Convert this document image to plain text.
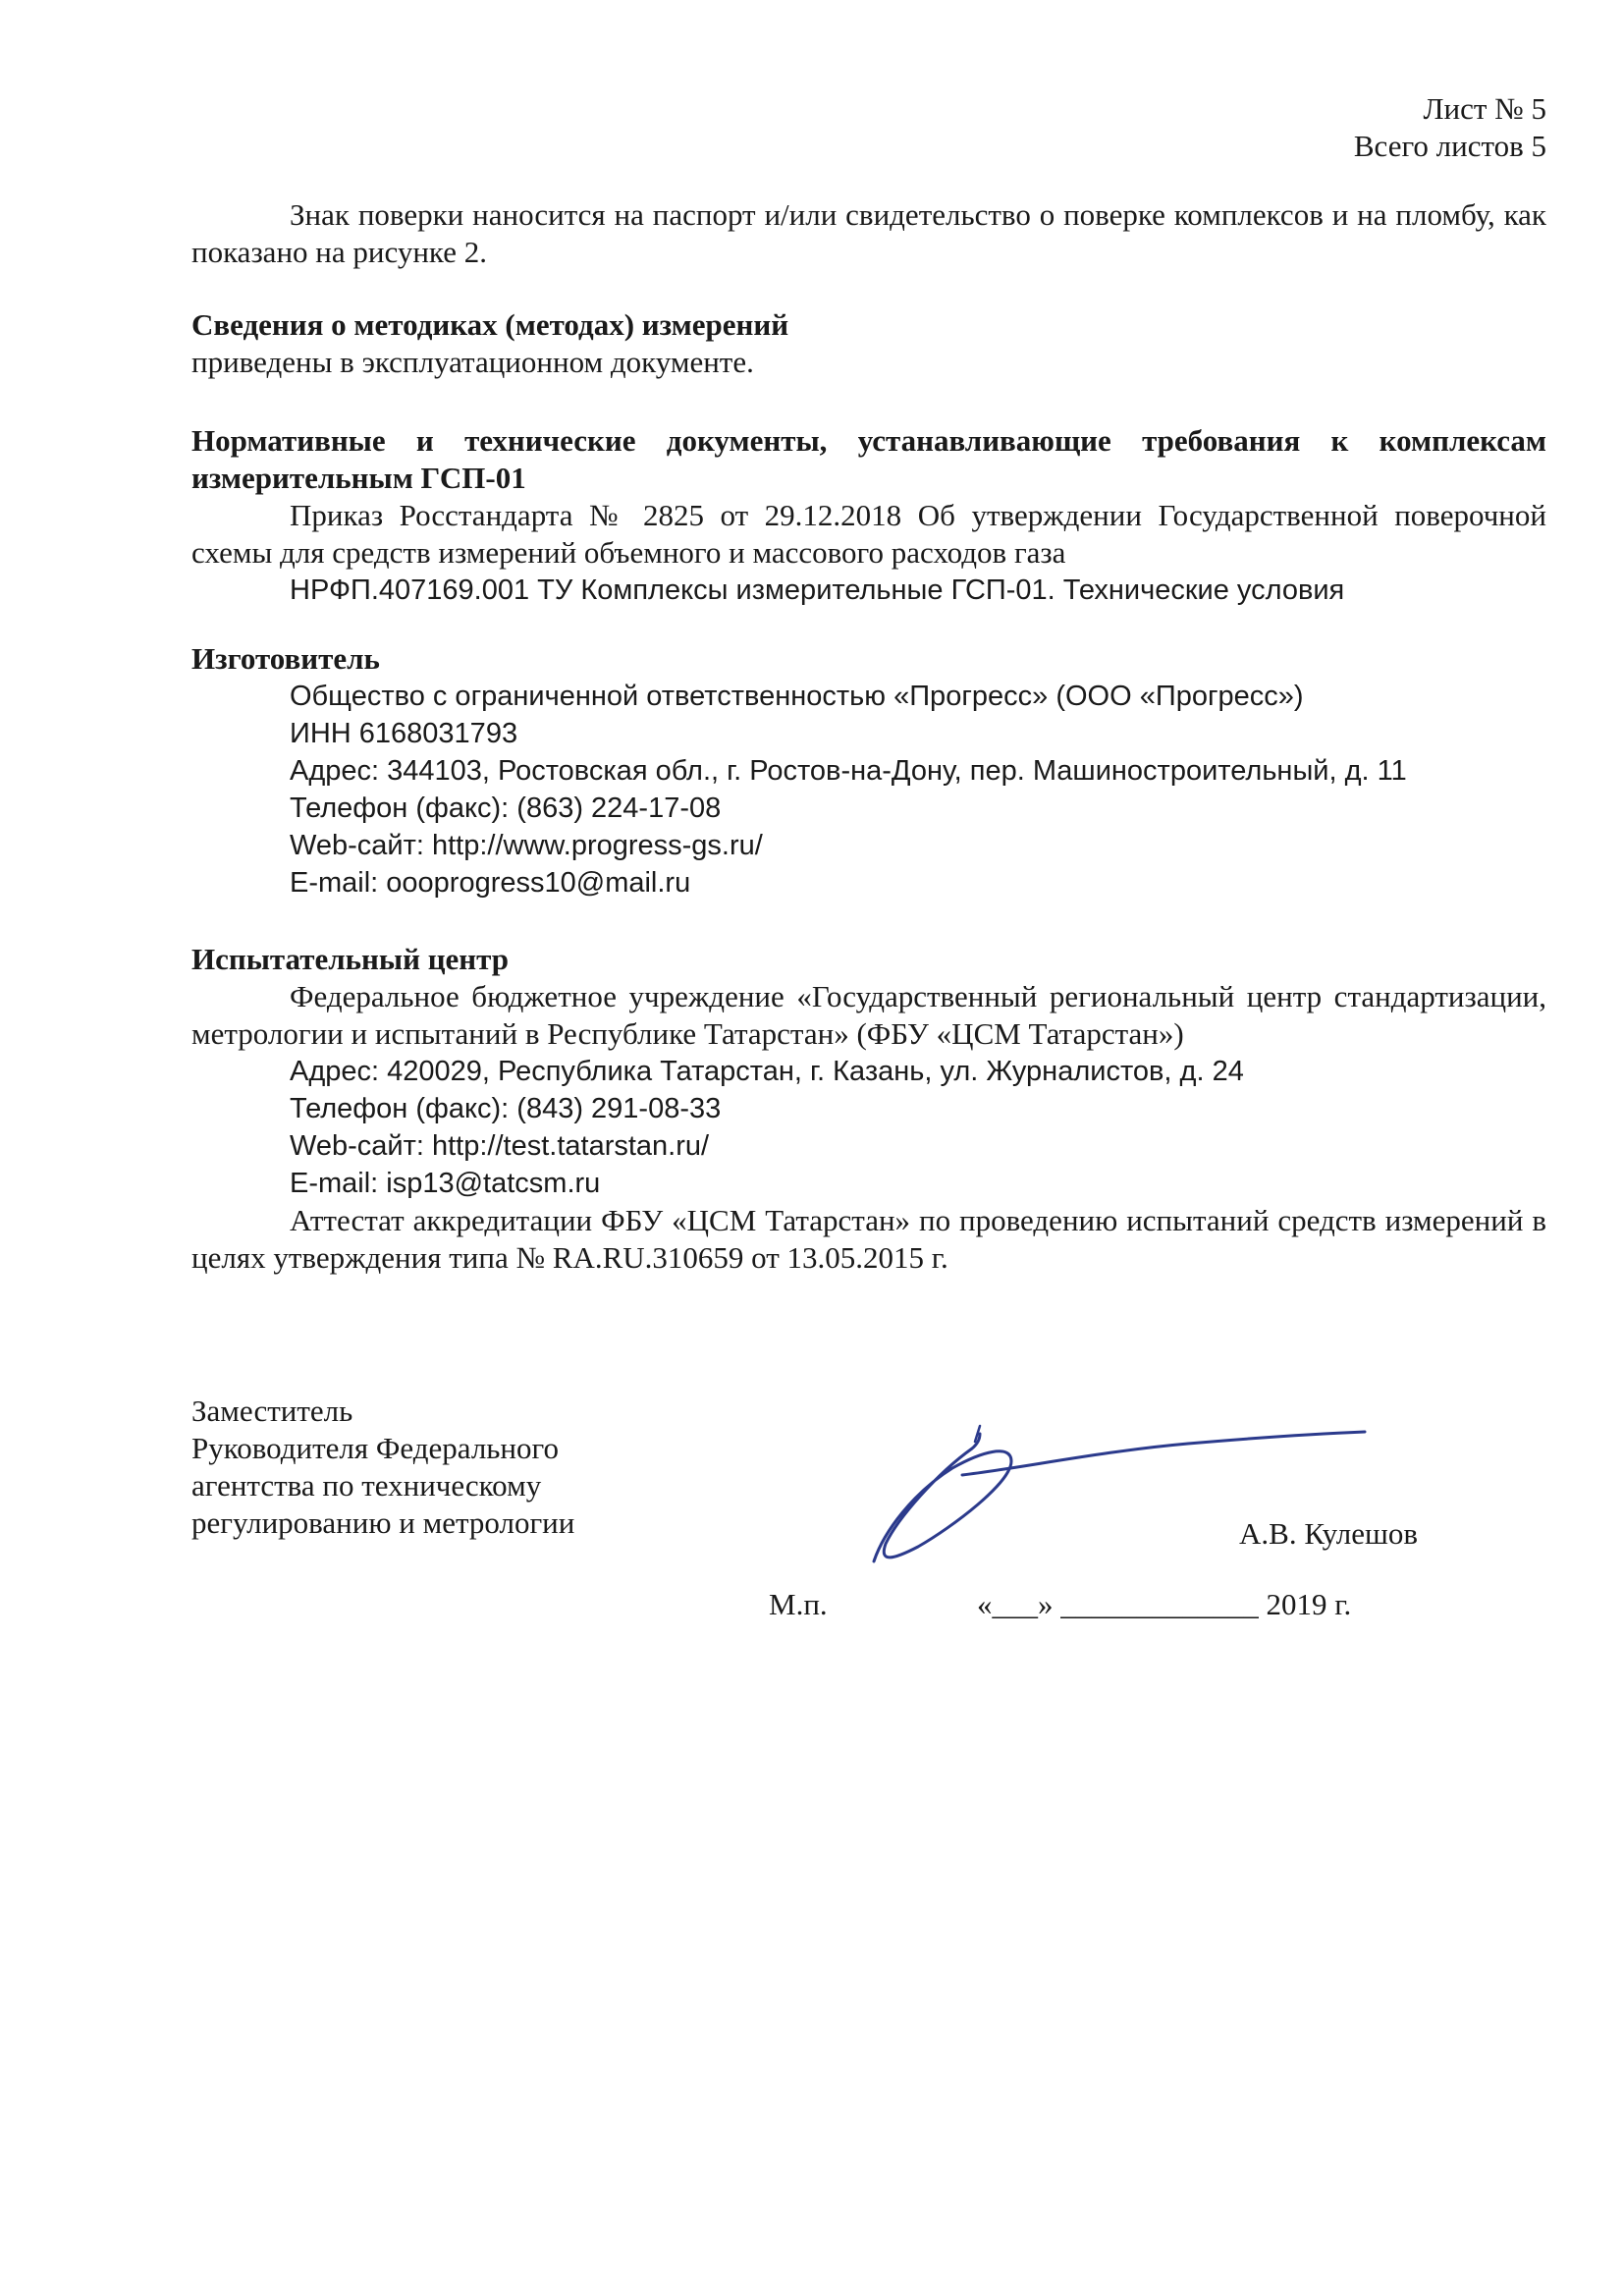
Лист № 5
Всего листов 5
Знак поверки наносится на паспорт и/или свидетельство о поверке комплексов и на пломбу, как показано на рисунке 2.
Сведения о методиках (методах) измерений
приведены в эксплуатационном документе.
Нормативные и технические документы, устанавливающие требования к комплексам измерительным ГСП-01
Приказ Росстандарта № 2825 от 29.12.2018 Об утверждении Государственной поверочной схемы для средств измерений объемного и массового расходов газа
НРФП.407169.001 ТУ Комплексы измерительные ГСП-01. Технические условия
Изготовитель
Общество с ограниченной ответственностью «Прогресс» (ООО «Прогресс»)
ИНН 6168031793
Адрес: 344103, Ростовская обл., г. Ростов-на-Дону, пер. Машиностроительный, д. 11
Телефон (факс): (863) 224-17-08
Web-сайт: http://www.progress-gs.ru/
E-mail: oooprogress10@mail.ru
Испытательный центр
Федеральное бюджетное учреждение «Государственный региональный центр стандартизации, метрологии и испытаний в Республике Татарстан» (ФБУ «ЦСМ Татарстан»)
Адрес: 420029, Республика Татарстан, г. Казань, ул. Журналистов, д. 24
Телефон (факс): (843) 291-08-33
Web-сайт: http://test.tatarstan.ru/
E-mail: isp13@tatcsm.ru
Аттестат аккредитации ФБУ «ЦСМ Татарстан» по проведению испытаний средств измерений в целях утверждения типа № RA.RU.310659 от 13.05.2015 г.
Заместитель
Руководителя Федерального
агентства по техническому
регулированию и метрологии	А.В. Кулешов
М.п.	«___» _____________ 2019 г.
